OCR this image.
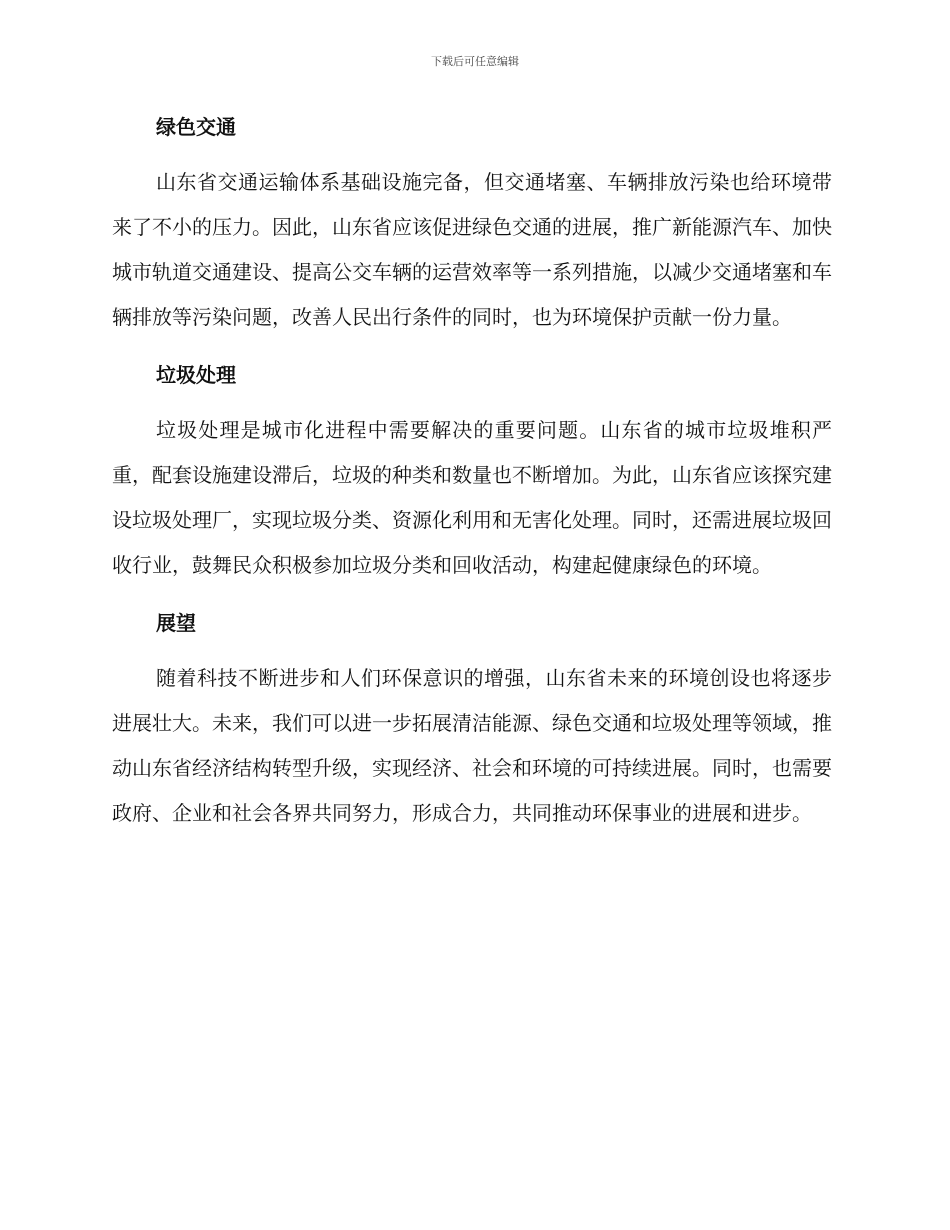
下载后可任意编辑
绿色交通

山东省交通运输体系基础设施完备，但交通堵塞、车辆排放污染也给环境带来了不小的压力。因此，山东省应该促进绿色交通的进展，推广新能源汽车、加快城市轨道交通建设、提高公交车辆的运营效率等一系列措施，以减少交通堵塞和车辆排放等污染问题，改善人民出行条件的同时，也为环境保护贡献一份力量。

垃圾处理

垃圾处理是城市化进程中需要解决的重要问题。山东省的城市垃圾堆积严重，配套设施建设滞后，垃圾的种类和数量也不断增加。为此，山东省应该探究建设垃圾处理厂，实现垃圾分类、资源化利用和无害化处理。同时，还需进展垃圾回收行业，鼓舞民众积极参加垃圾分类和回收活动，构建起健康绿色的环境。

展望

随着科技不断进步和人们环保意识的增强，山东省未来的环境创设也将逐步进展壮大。未来，我们可以进一步拓展清洁能源、绿色交通和垃圾处理等领域，推动山东省经济结构转型升级，实现经济、社会和环境的可持续进展。同时，也需要政府、企业和社会各界共同努力，形成合力，共同推动环保事业的进展和进步。
